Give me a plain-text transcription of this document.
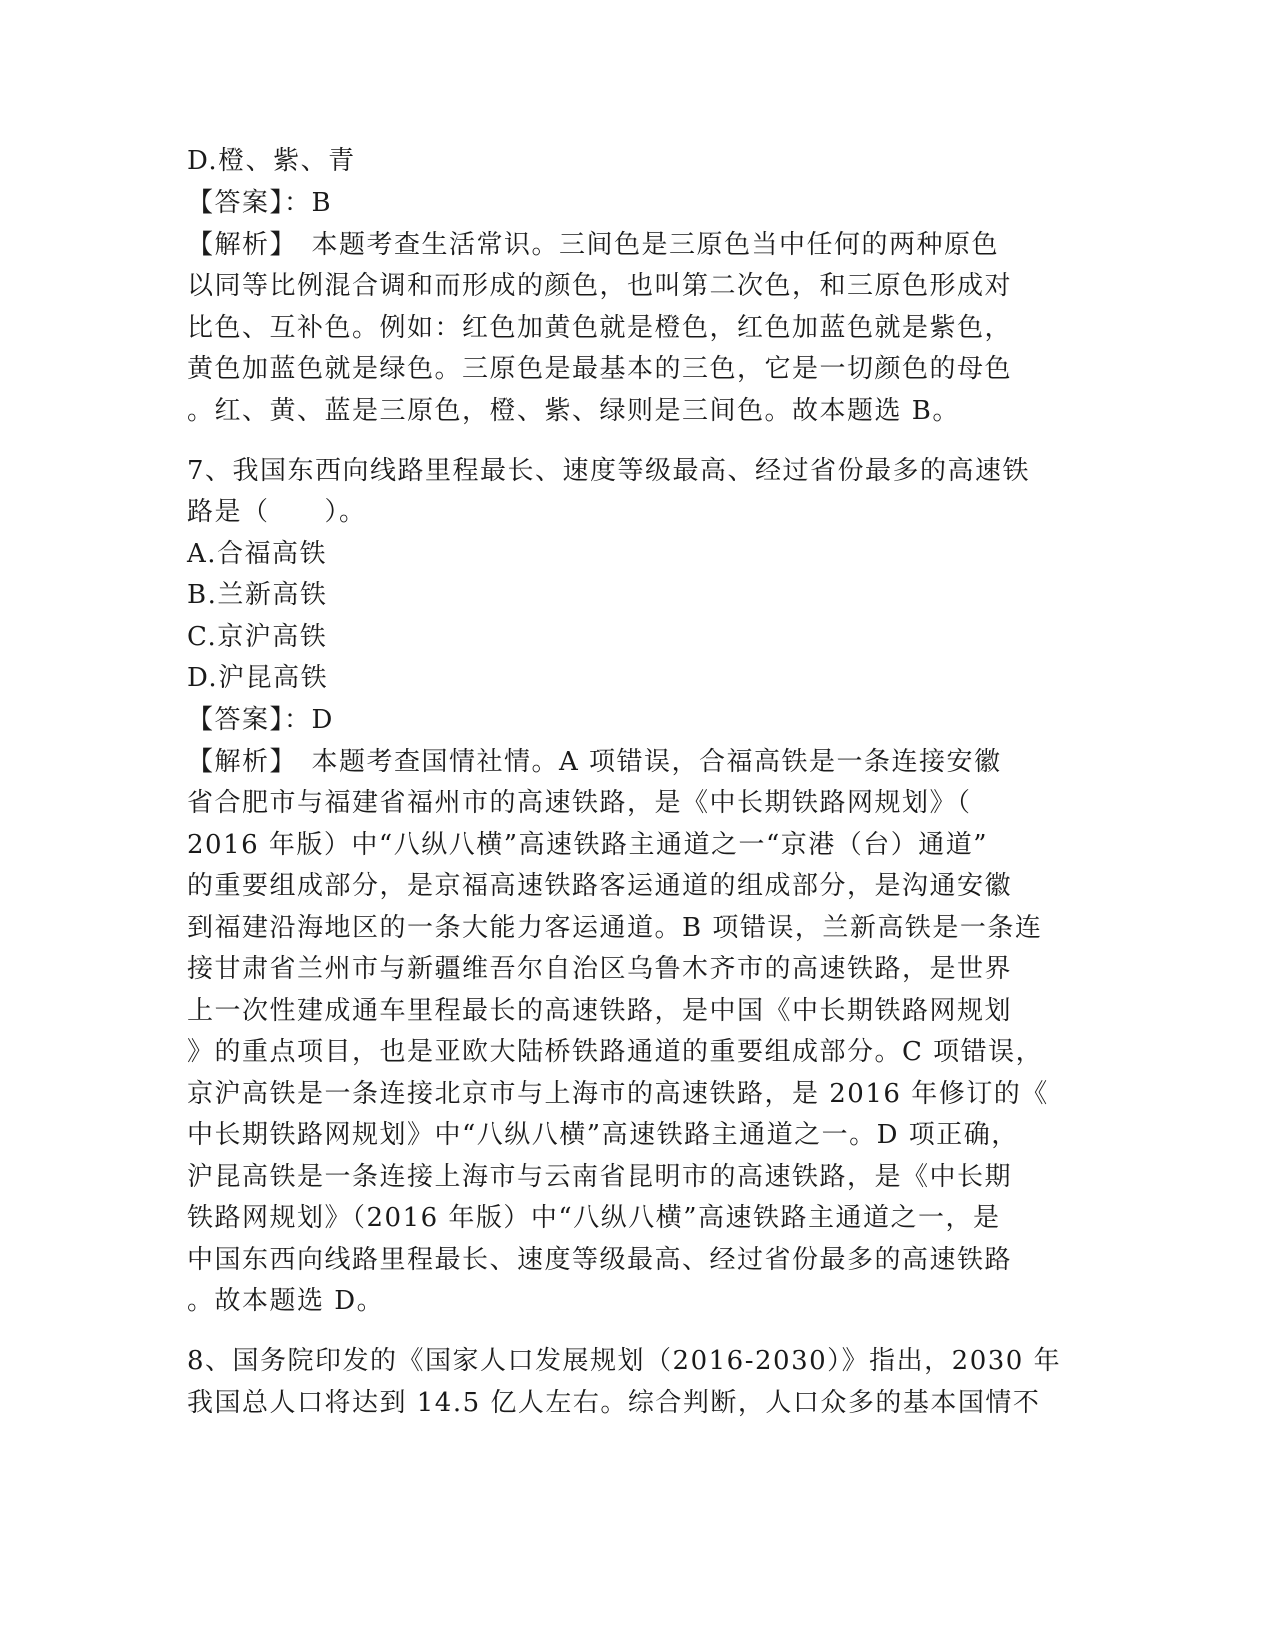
D.橙、紫、青
【答案】：B
【解析】　本题考查生活常识。三间色是三原色当中任何的两种原色
以同等比例混合调和而形成的颜色，也叫第二次色，和三原色形成对
比色、互补色。例如：红色加黄色就是橙色，红色加蓝色就是紫色，
黄色加蓝色就是绿色。三原色是最基本的三色，它是一切颜色的母色
。红、黄、蓝是三原色，橙、紫、绿则是三间色。故本题选 B。
7、我国东西向线路里程最长、速度等级最高、经过省份最多的高速铁
路是（　　）。
A.合福高铁
B.兰新高铁
C.京沪高铁
D.沪昆高铁
【答案】：D
【解析】　本题考查国情社情。A 项错误，合福高铁是一条连接安徽
省合肥市与福建省福州市的高速铁路，是《中长期铁路网规划》（
2016 年版）中“八纵八横”高速铁路主通道之一“京港（台）通道”
的重要组成部分，是京福高速铁路客运通道的组成部分，是沟通安徽
到福建沿海地区的一条大能力客运通道。B 项错误，兰新高铁是一条连
接甘肃省兰州市与新疆维吾尔自治区乌鲁木齐市的高速铁路，是世界
上一次性建成通车里程最长的高速铁路，是中国《中长期铁路网规划
》的重点项目，也是亚欧大陆桥铁路通道的重要组成部分。C 项错误，
京沪高铁是一条连接北京市与上海市的高速铁路，是 2016 年修订的《
中长期铁路网规划》中“八纵八横”高速铁路主通道之一。D 项正确，
沪昆高铁是一条连接上海市与云南省昆明市的高速铁路，是《中长期
铁路网规划》（2016 年版）中“八纵八横”高速铁路主通道之一，是
中国东西向线路里程最长、速度等级最高、经过省份最多的高速铁路
。故本题选 D。
8、国务院印发的《国家人口发展规划（2016-2030）》指出，2030 年
我国总人口将达到 14.5 亿人左右。综合判断，人口众多的基本国情不
